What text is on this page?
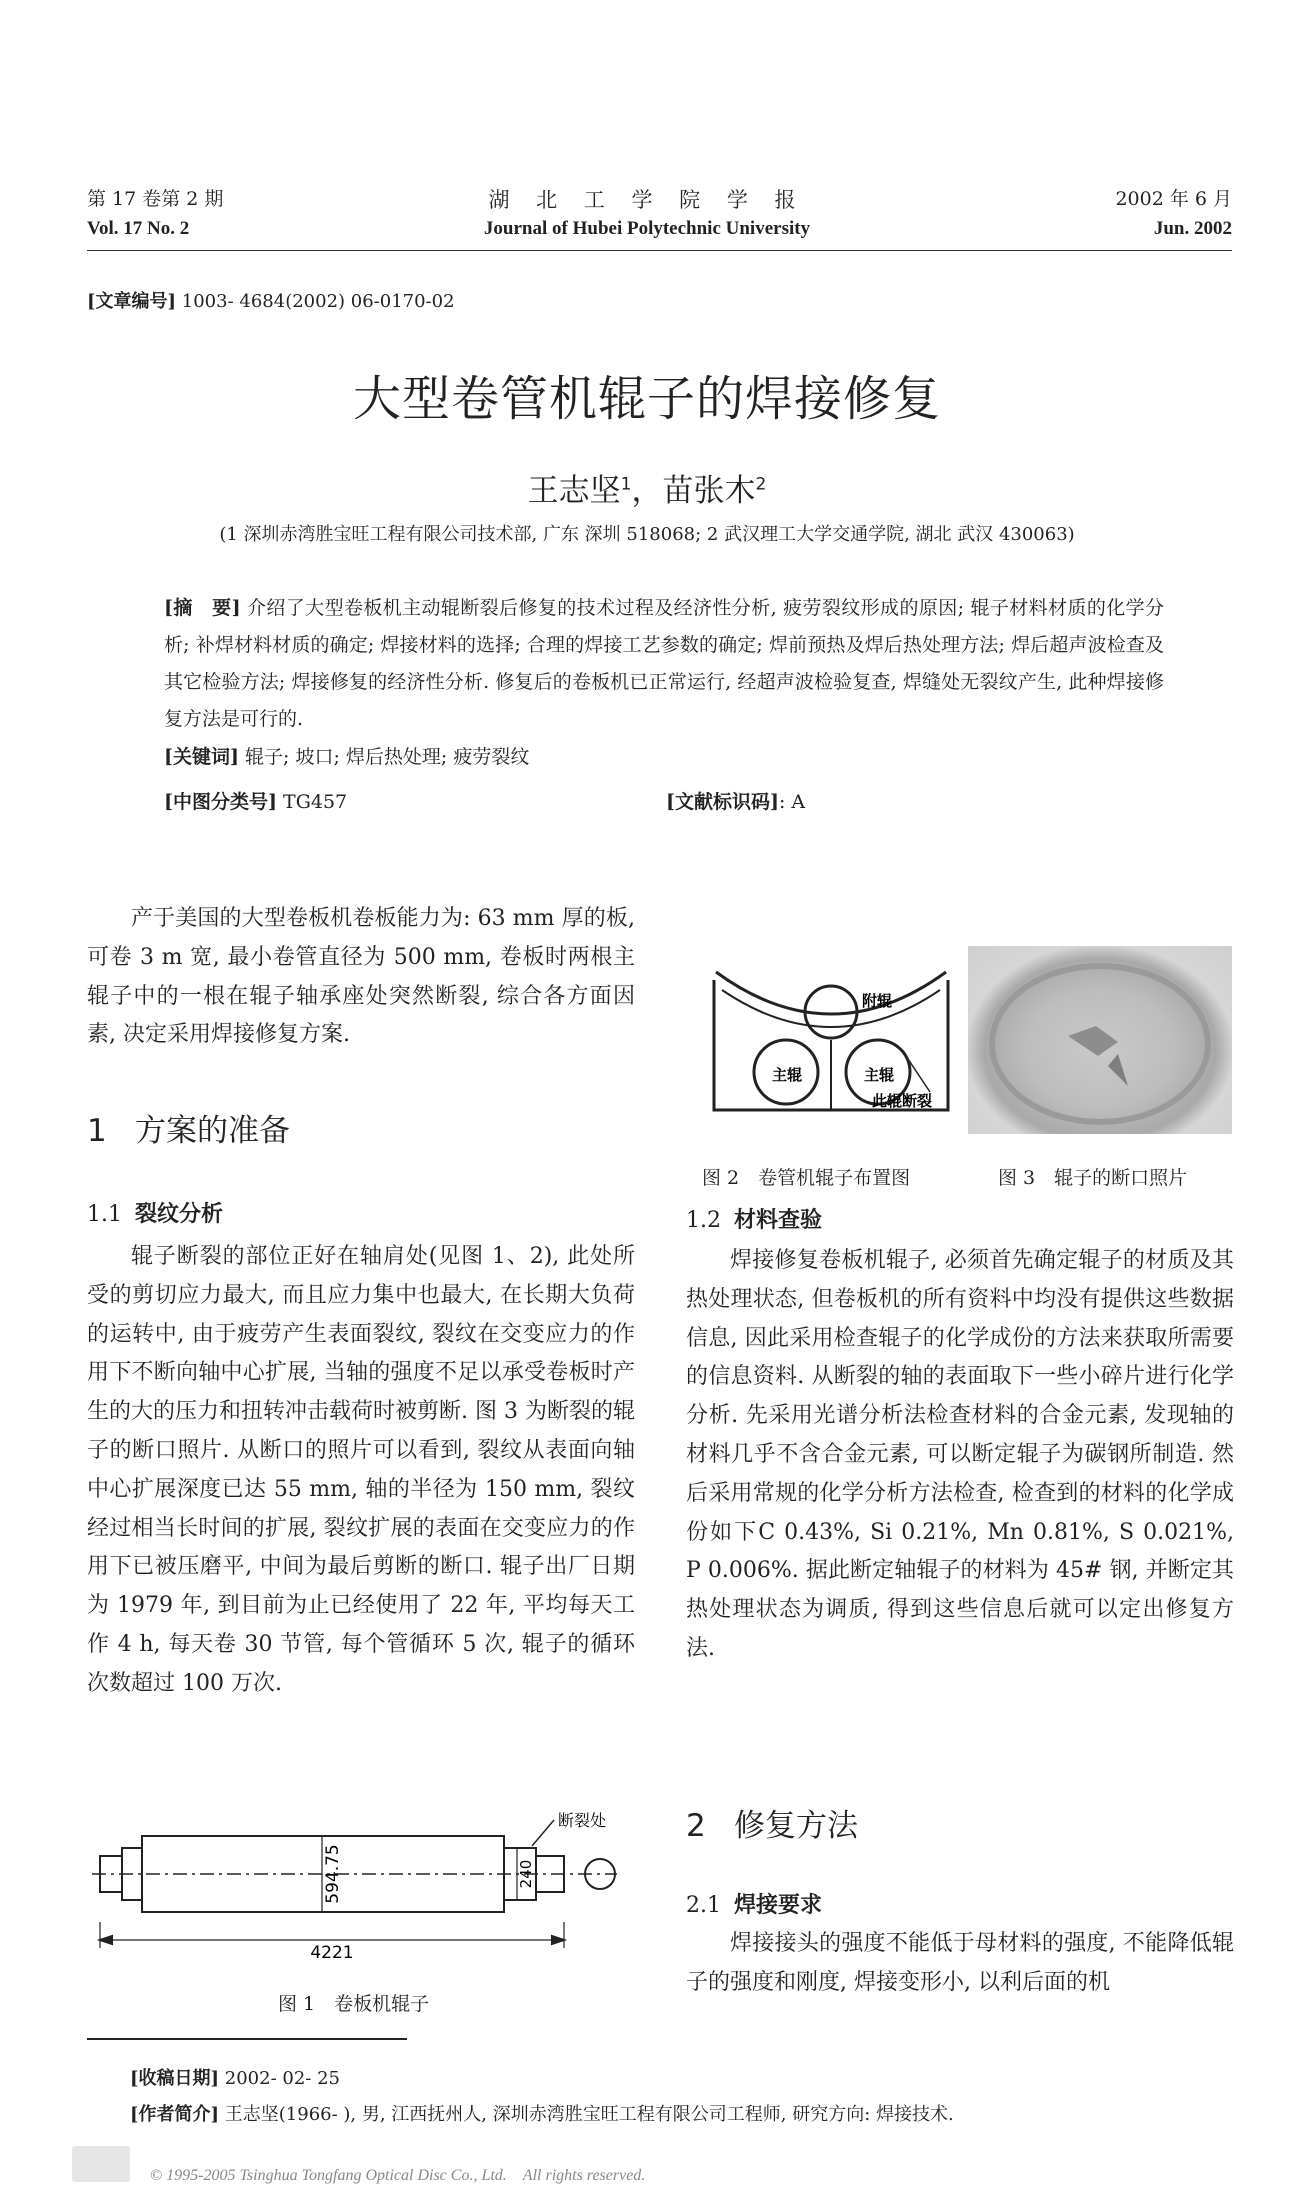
第 17 卷第 2 期
Vol. 17 No. 2
湖 北 工 学 院 学 报
Journal of Hubei Polytechnic University
2002 年 6 月
Jun. 2002
[文章编号] 1003- 4684(2002) 06-0170-02
大型卷管机辊子的焊接修复
王志坚$^1$，苗张木$^2$
(1 深圳赤湾胜宝旺工程有限公司技术部, 广东 深圳 518068; 2 武汉理工大学交通学院, 湖北 武汉 430063)
[摘　要] 介绍了大型卷板机主动辊断裂后修复的技术过程及经济性分析, 疲劳裂纹形成的原因; 辊子材料材质的化学分析; 补焊材料材质的确定; 焊接材料的选择; 合理的焊接工艺参数的确定; 焊前预热及焊后热处理方法; 焊后超声波检查及其它检验方法; 焊接修复的经济性分析. 修复后的卷板机已正常运行, 经超声波检验复查, 焊缝处无裂纹产生, 此种焊接修复方法是可行的.
[关键词] 辊子; 坡口; 焊后热处理; 疲劳裂纹
[中图分类号] TG457	[文献标识码]: A

产于美国的大型卷板机卷板能力为: 63 mm 厚的板, 可卷 3 m 宽, 最小卷管直径为 500 mm, 卷板时两根主辊子中的一根在辊子轴承座处突然断裂, 综合各方面因素, 决定采用焊接修复方案.

1 方案的准备
1.1 裂纹分析

辊子断裂的部位正好在轴肩处(见图 1、2), 此处所受的剪切应力最大, 而且应力集中也最大, 在长期大负荷的运转中, 由于疲劳产生表面裂纹, 裂纹在交变应力的作用下不断向轴中心扩展, 当轴的强度不足以承受卷板时产生的大的压力和扭转冲击载荷时被剪断. 图 3 为断裂的辊子的断口照片. 从断口的照片可以看到, 裂纹从表面向轴中心扩展深度已达 55 mm, 轴的半径为 150 mm, 裂纹经过相当长时间的扩展, 裂纹扩展的表面在交变应力的作用下已被压磨平, 中间为最后剪断的断口. 辊子出厂日期为 1979 年, 到目前为止已经使用了 22 年, 平均每天工作 4 h, 每天卷 30 节管, 每个管循环 5 次, 辊子的循环次数超过 100 万次.

594.75	240
断裂处
4221
图 1　卷板机辊子
附辊
主辊	主辊
此辊断裂
图 2　卷管机辊子布置图	图 3　辊子的断口照片
1.2 材料查验

焊接修复卷板机辊子, 必须首先确定辊子的材质及其热处理状态, 但卷板机的所有资料中均没有提供这些数据信息, 因此采用检查辊子的化学成份的方法来获取所需要的信息资料. 从断裂的轴的表面取下一些小碎片进行化学分析. 先采用光谱分析法检查材料的合金元素, 发现轴的材料几乎不含合金元素, 可以断定辊子为碳钢所制造. 然后采用常规的化学分析方法检查, 检查到的材料的化学成份如下C 0.43%, Si 0.21%, Mn 0.81%, S 0.021%, P 0.006%. 据此断定轴辊子的材料为 45# 钢, 并断定其热处理状态为调质, 得到这些信息后就可以定出修复方法.

2 修复方法
2.1 焊接要求

焊接接头的强度不能低于母材料的强度, 不能降低辊子的强度和刚度, 焊接变形小, 以利后面的机

[收稿日期] 2002- 02- 25
[作者简介] 王志坚(1966- ), 男, 江西抚州人, 深圳赤湾胜宝旺工程有限公司工程师, 研究方向: 焊接技术.
© 1995-2005 Tsinghua Tongfang Optical Disc Co., Ltd.　All rights reserved.
